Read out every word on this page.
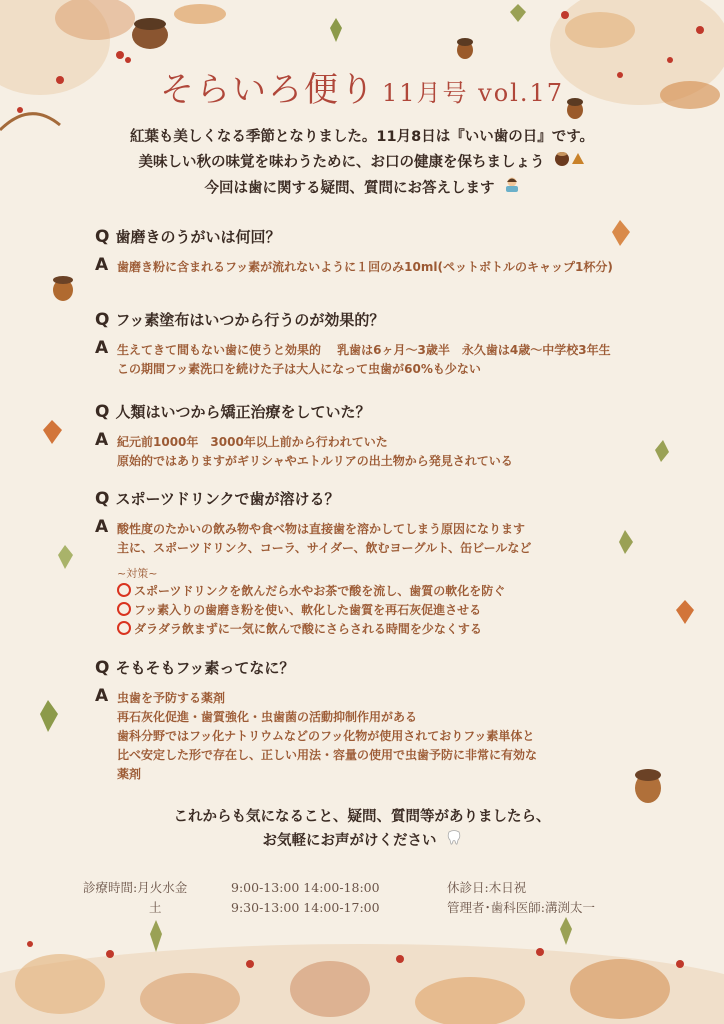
そらいろ便り 11月号 vol.17
紅葉も美しくなる季節となりました。11月8日は『いい歯の日』です。
美味しい秋の味覚を味わうために、お口の健康を保ちましょう
今回は歯に関する疑問、質問にお答えします
Q 歯磨きのうがいは何回？
A 歯磨き粉に含まれるフッ素が流れないように１回のみ10ml(ペットボトルのキャップ1杯分)
Q フッ素塗布はいつから行うのが効果的？
A 生えてきて間もない歯に使うと効果的　 乳歯は6ヶ月〜3歳半　永久歯は4歳〜中学校3年生
この期間フッ素洗口を続けた子は大人になって虫歯が60%も少ない
Q 人類はいつから矯正治療をしていた？
A 紀元前1000年　3000年以上前から行われていた
原始的ではありますがギリシャやエトルリアの出土物から発見されている
Q スポーツドリンクで歯が溶ける？
A 酸性度のたかいの飲み物や食べ物は直接歯を溶かしてしまう原因になります
主に、スポーツドリンク、コーラ、サイダー、飲むヨーグルト、缶ビールなど
~対策~
スポーツドリンクを飲んだら水やお茶で酸を流し、歯質の軟化を防ぐ
フッ素入りの歯磨き粉を使い、軟化した歯質を再石灰促進させる
ダラダラ飲まずに一気に飲んで酸にさらされる時間を少なくする
Q そもそもフッ素ってなに？
A 虫歯を予防する薬剤
再石灰化促進・歯質強化・虫歯菌の活動抑制作用がある
歯科分野ではフッ化ナトリウムなどのフッ化物が使用されておりフッ素単体と
比べ安定した形で存在し、正しい用法・容量の使用で虫歯予防に非常に有効な
薬剤
これからも気になること、疑問、質問等がありましたら、
お気軽にお声がけください
診療時間:月火水金	9:00-13:00 14:00-18:00	休診日:木日祝
土	9:30-13:00 14:00-17:00	管理者･歯科医師:溝渕太一
